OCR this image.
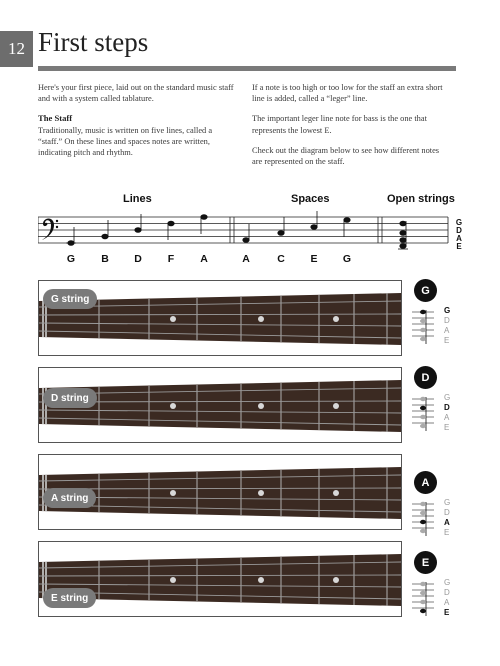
12 First steps

Here's your first piece, laid out on the standard music staff and with a system called tablature.

The Staff

Traditionally, music is written on five lines, called a “staff.” On these lines and spaces notes are written, indicating pitch and rhythm.

If a note is too high or too low for the staff an extra short line is added, called a “leger” line.

The important leger line note for bass is the one that represents the lowest E.

Check out the diagram below to see how different notes are represented on the staff.

Lines	Spaces	Open strings
G
D
A
E
G	B	D	F	A	A	C	E	G
G string
D string
A string
E string
G
G
D
A
E
D
G
D
A
E
A
G
D
A
E
E
G
D
A
E
